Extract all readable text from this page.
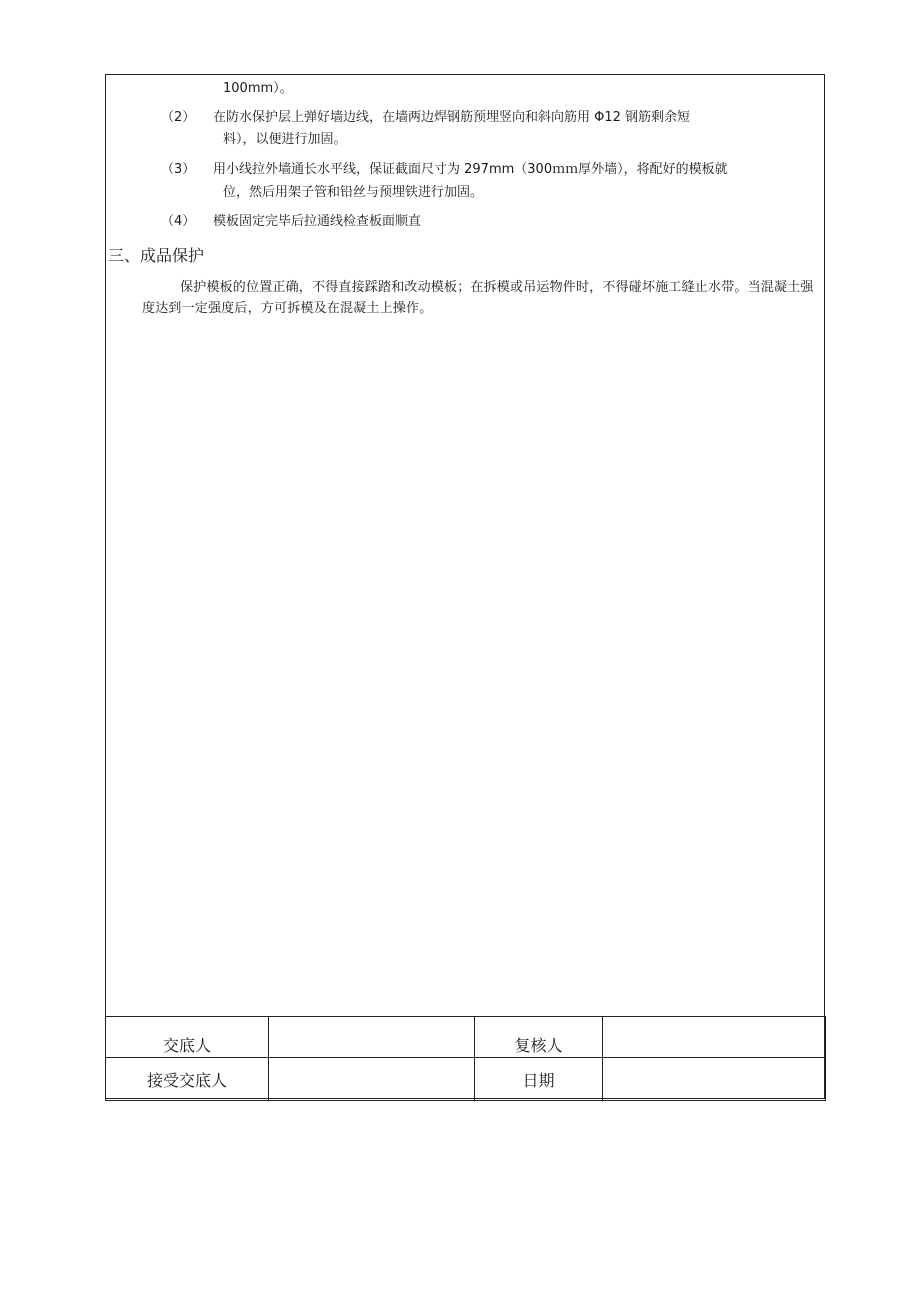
100mm）。
（2） 在防水保护层上弹好墙边线，在墙两边焊钢筋预埋竖向和斜向筋用 Φ12 钢筋剩余短
料），以便进行加固。
（3） 用小线拉外墙通长水平线，保证截面尺寸为 297mm（300ｍｍ厚外墙），将配好的模板就
位，然后用架子管和铅丝与预埋铁进行加固。
（4） 模板固定完毕后拉通线检查板面顺直
三、成品保护
保护模板的位置正确，不得直接踩踏和改动模板；在拆模或吊运物件时，不得碰坏施工缝止水带。当混凝土强度达到一定强度后，方可拆模及在混凝土上操作。
交底人		复核人	
接受交底人		日期	
